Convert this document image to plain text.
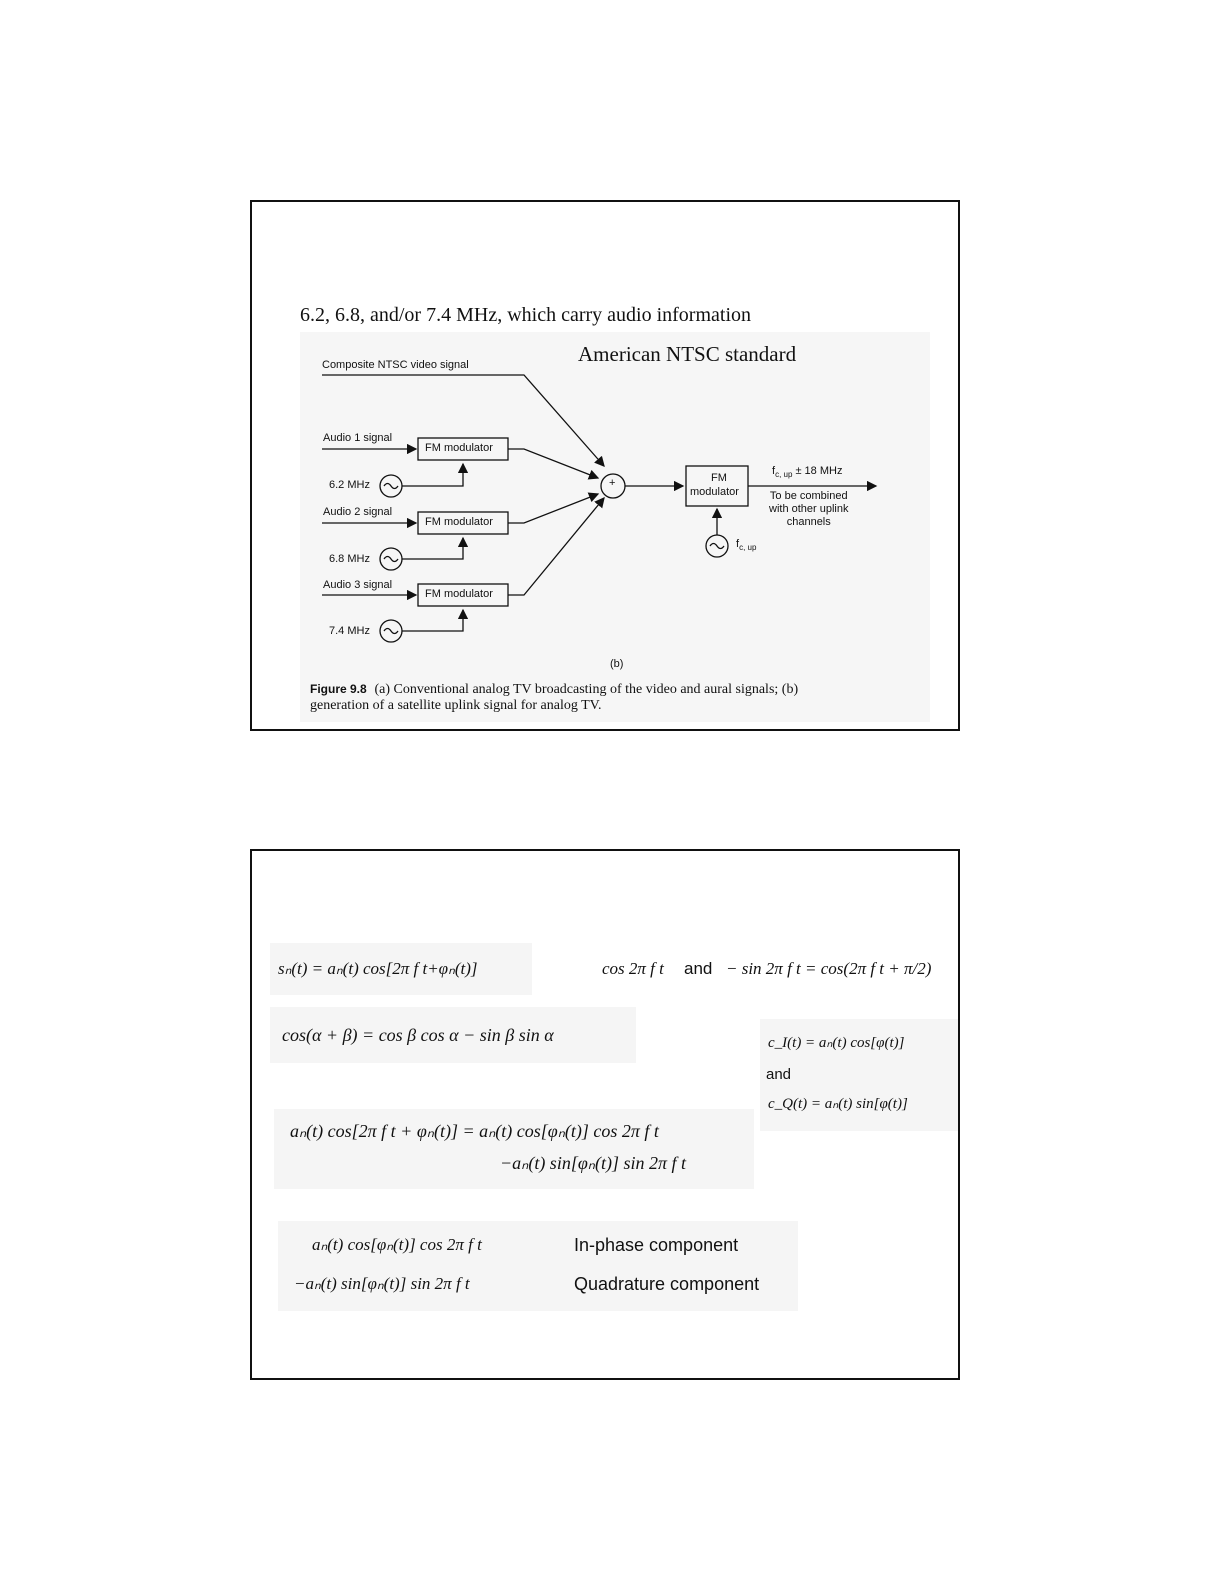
6.2, 6.8, and/or 7.4 MHz, which carry audio information
American NTSC standard
Composite NTSC video signal
Audio 1 signal
Audio 2 signal
Audio 3 signal
FM modulator
FM modulator
FM modulator
6.2 MHz
6.8 MHz
7.4 MHz
+	FM
modulator
$f_{c, up}$
$f_{c, up} \pm 18$ MHz
To be combined
with other uplink
channels
(b)
Figure 9.8 (a) Conventional analog TV broadcasting of the video and aural signals; (b)
generation of a satellite uplink signal for analog TV.
sₙ(t) = aₙ(t) cos[2π f t+φₙ(t)]	cos 2π f t and − sin 2π f t = cos(2π f t + π/2)
cos(α + β) = cos β cos α − sin β sin α	c_I(t) = aₙ(t) cos[φ(t)]
and
c_Q(t) = aₙ(t) sin[φ(t)]
aₙ(t) cos[2π f t + φₙ(t)] = aₙ(t) cos[φₙ(t)] cos 2π f t
−aₙ(t) sin[φₙ(t)] sin 2π f t
aₙ(t) cos[φₙ(t)] cos 2π f t	In-phase component
−aₙ(t) sin[φₙ(t)] sin 2π f t	Quadrature component
